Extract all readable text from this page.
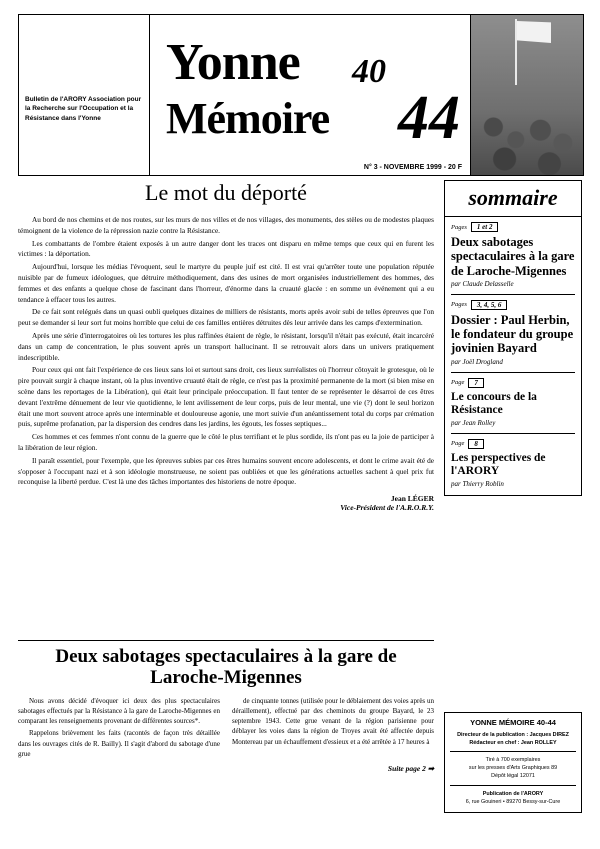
Bulletin de l'ARORY Association pour la Recherche sur l'Occupation et la Résistance dans l'Yonne
Yonne
Mémoire
40
44
N° 3 - NOVEMBRE 1999 - 20 F
Le mot du déporté

Au bord de nos chemins et de nos routes, sur les murs de nos villes et de nos villages, des monuments, des stèles ou de modestes plaques témoignent de la violence de la répression nazie contre la Résistance.

Les combattants de l'ombre étaient exposés à un autre danger dont les traces ont disparu en même temps que ceux qui en furent les victimes : la déportation.

Aujourd'hui, lorsque les médias l'évoquent, seul le martyre du peuple juif est cité. Il est vrai qu'arrêter toute une population réputée nuisible par de fumeux idéologues, que détruire méthodiquement, dans des usines de mort organisées industriellement des hommes, des femmes et des enfants a quelque chose de fascinant dans l'horreur, d'énorme dans la cruauté glacée : en somme un événement qui a eu tendance à effacer tous les autres.

De ce fait sont relégués dans un quasi oubli quelques dizaines de milliers de résistants, morts après avoir subi de telles épreuves que l'on peut se demander si leur sort fut moins horrible que celui de ces familles entières détruites dès leur arrivée dans les camps d'extermination.

Après une série d'interrogatoires où les tortures les plus raffinées étaient de règle, le résistant, lorsqu'il n'était pas exécuté, était incarcéré dans un camp de concentration, le plus souvent après un transport hallucinant. Il se retrouvait alors dans un univers pratiquement indescriptible.

Pour ceux qui ont fait l'expérience de ces lieux sans loi et surtout sans droit, ces lieux surréalistes où l'horreur côtoyait le grotesque, où le pire pouvait surgir à chaque instant, où la plus inventive cruauté était de règle, ce n'est pas la proximité permanente de la mort (si bien mise en scène dans les reportages de la Libération), qui était leur principale préoccupation. Il faut tenter de se représenter le désarroi de ces êtres devant l'extrême dénuement de leur vie quotidienne, le lent avilissement de leur corps, puis de leur mental, une vie (?) dont le seul horizon était une mort souvent atroce après une interminable et douloureuse agonie, une mort suivie d'un anéantissement total du corps par crémation puis, suprême profanation, par la dispersion des cendres dans les jardins, les égouts, les fosses septiques...

Ces hommes et ces femmes n'ont connu de la guerre que le côté le plus terrifiant et le plus sordide, ils n'ont pas eu la joie de participer à la libération de leur région.

Il paraît essentiel, pour l'exemple, que les épreuves subies par ces êtres humains souvent encore adolescents, et dont le crime avait été de s'opposer à l'occupant nazi et à son idéologie monstrueuse, ne soient pas oubliées et que les générations actuelles sachent à quel prix fut reconquise la liberté perdue. C'est là une des tâches importantes des historiens de notre époque.

Jean LÉGER
Vice-Président de l'A.R.O.R.Y.
Deux sabotages spectaculaires à la gare de Laroche-Migennes

Nous avons décidé d'évoquer ici deux des plus spectaculaires sabotages effectués par la Résistance à la gare de Laroche-Migennes en comparant les renseignements provenant de différentes sources*.

Rappelons brièvement les faits (racontés de façon très détaillée dans les ouvrages cités de R. Bailly). Il s'agit d'abord du sabotage d'une grue

de cinquante tonnes (utilisée pour le déblaiement des voies après un déraillement), effectué par des cheminots du groupe Bayard, le 23 septembre 1943. Cette grue venant de la région parisienne pour déblayer les voies dans la région de Troyes avait été affectée depuis Montereau par un échauffement d'essieux et a été arrêtée à 17 heures à

Suite page 2 ➡
sommaire
Pages	1 et 2
Deux sabotages spectaculaires à la gare de Laroche-Migennes
par Claude Delasselle
Pages	3, 4, 5, 6
Dossier : Paul Herbin, le fondateur du groupe jovinien Bayard
par Joël Drogland
Page	7
Le concours de la Résistance
par Jean Rolley
Page	8
Les perspectives de l'ARORY
par Thierry Roblin
YONNE MÉMOIRE 40-44
Directeur de la publication : Jacques DIREZ
Rédacteur en chef : Jean ROLLEY
Tiré à 700 exemplaires
sur les presses d'Arts Graphiques 89
Dépôt légal 12071
Publication de l'ARORY
6, rue Gouineri • 89270 Bessy-sur-Cure
